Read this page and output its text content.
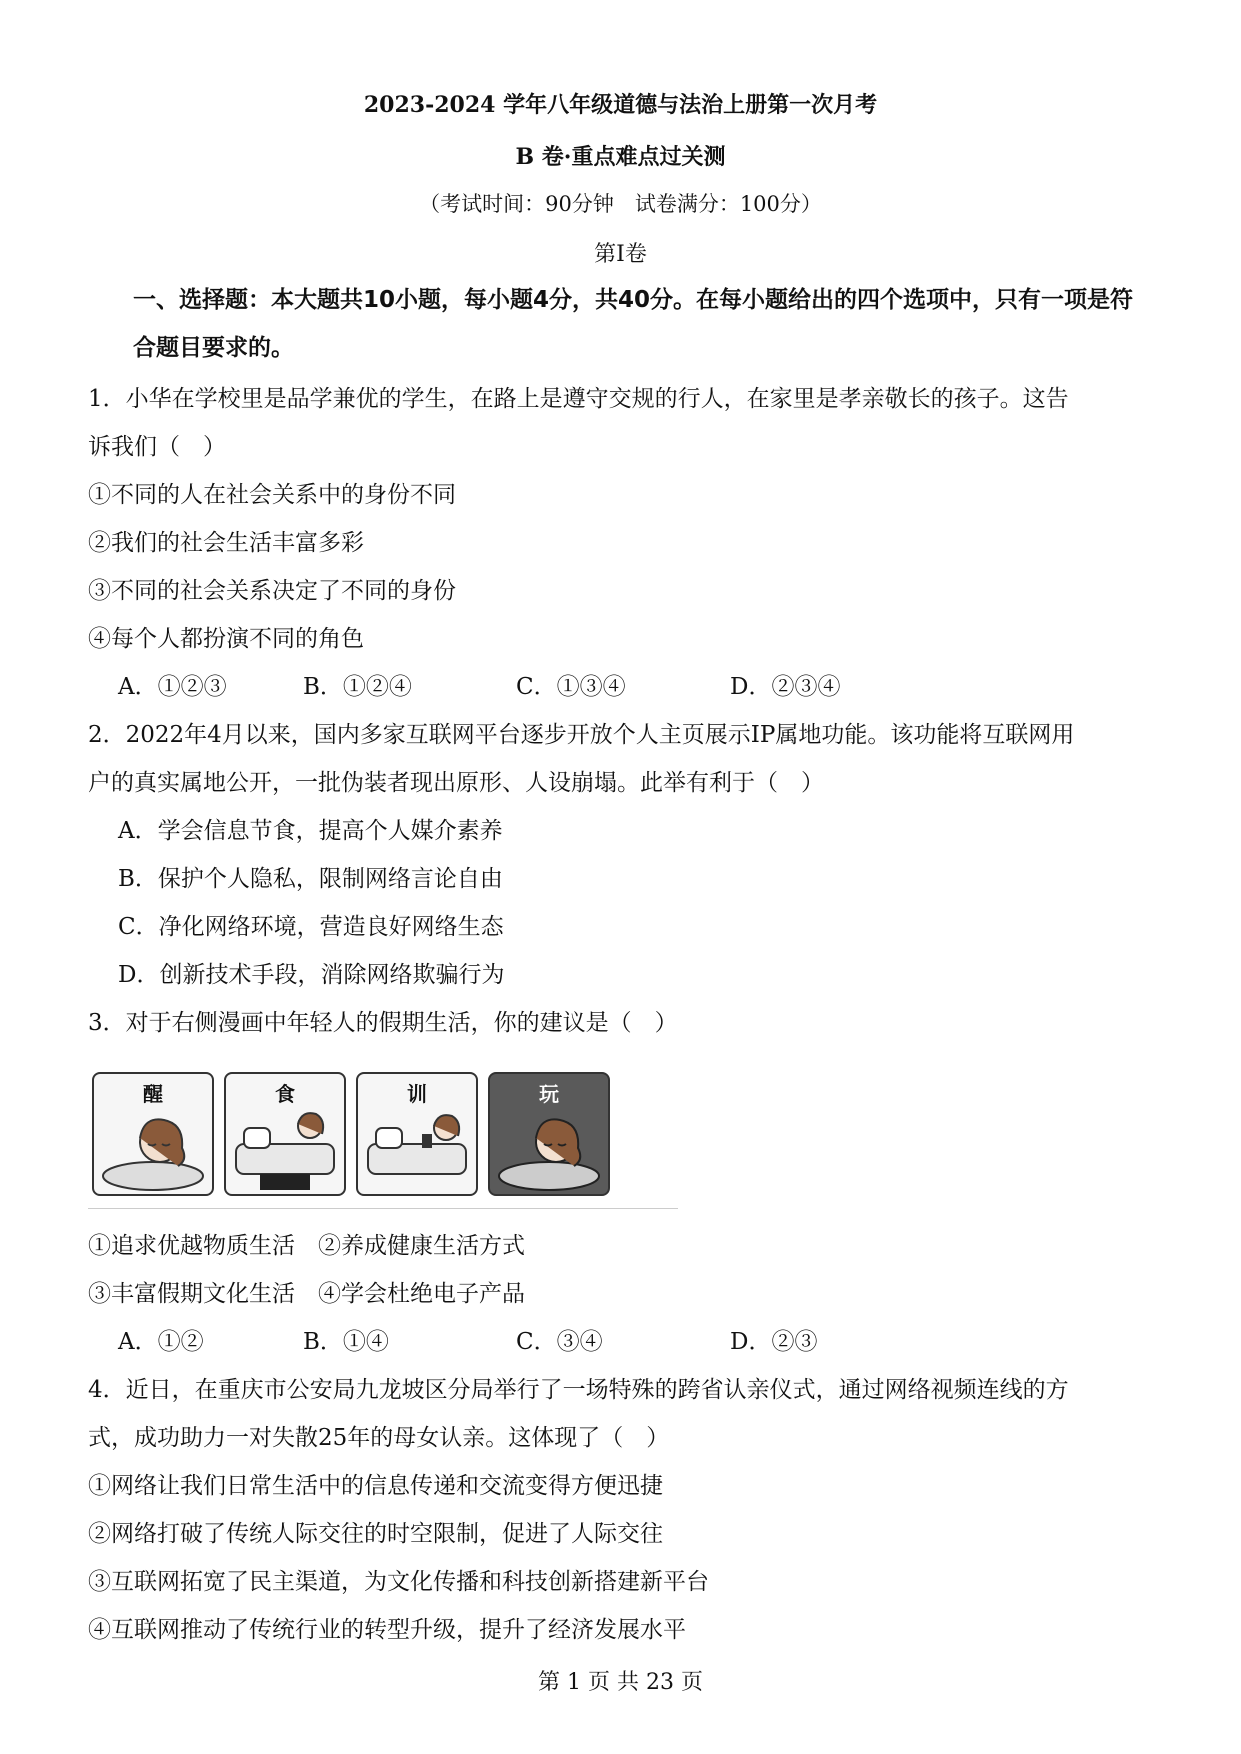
2023-2024 学年八年级道德与法治上册第一次月考
B 卷·重点难点过关测
（考试时间：90分钟　试卷满分：100分）
第Ⅰ卷
一、选择题：本大题共10小题，每小题4分，共40分。在每小题给出的四个选项中，只有一项是符合题目要求的。
1．小华在学校里是品学兼优的学生，在路上是遵守交规的行人，在家里是孝亲敬长的孩子。这告
诉我们（　）
①不同的人在社会关系中的身份不同
②我们的社会生活丰富多彩
③不同的社会关系决定了不同的身份
④每个人都扮演不同的角色
A．①②③	B．①②④	C．①③④	D．②③④
2．2022年4月以来，国内多家互联网平台逐步开放个人主页展示IP属地功能。该功能将互联网用
户的真实属地公开，一批伪装者现出原形、人设崩塌。此举有利于（　）
A．学会信息节食，提高个人媒介素养
B．保护个人隐私，限制网络言论自由
C．净化网络环境，营造良好网络生态
D．创新技术手段，消除网络欺骗行为
3．对于右侧漫画中年轻人的假期生活，你的建议是（　）
醒	食	训	玩
①追求优越物质生活　②养成健康生活方式
③丰富假期文化生活　④学会杜绝电子产品
A．①②	B．①④	C．③④	D．②③
4．近日，在重庆市公安局九龙坡区分局举行了一场特殊的跨省认亲仪式，通过网络视频连线的方
式，成功助力一对失散25年的母女认亲。这体现了（　）
①网络让我们日常生活中的信息传递和交流变得方便迅捷
②网络打破了传统人际交往的时空限制，促进了人际交往
③互联网拓宽了民主渠道，为文化传播和科技创新搭建新平台
④互联网推动了传统行业的转型升级，提升了经济发展水平
第 1 页 共 23 页
